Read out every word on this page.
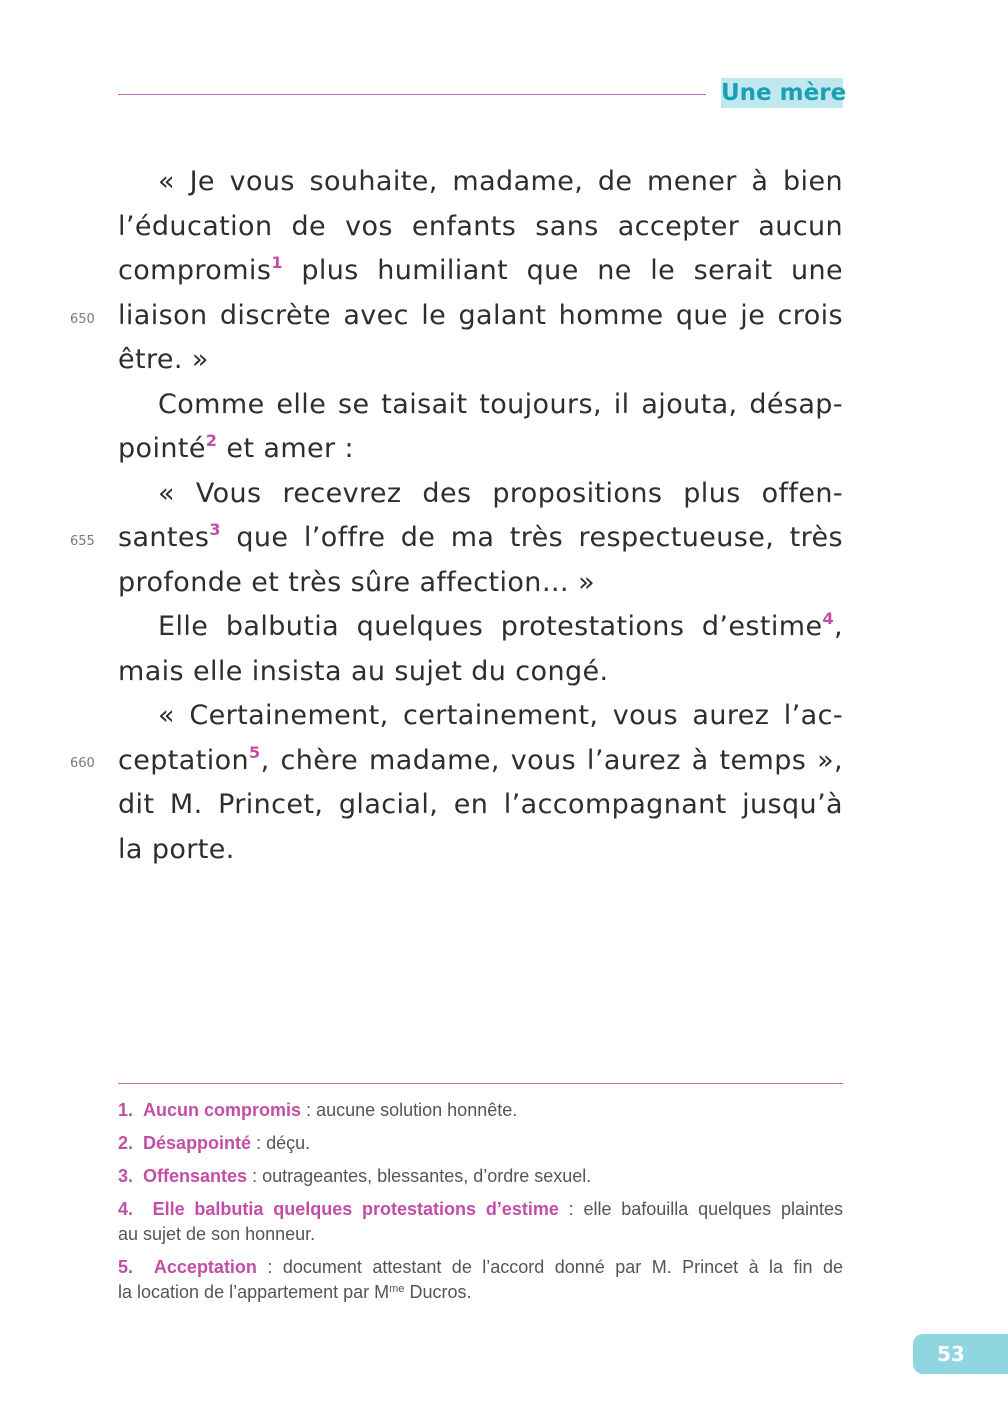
Une mère
« Je vous souhaite, madame, de mener à bien
l’éducation de vos enfants sans accepter aucun
compromis$^1$ plus humiliant que ne le serait une
liaison discrète avec le galant homme que je crois
être. »
Comme elle se taisait toujours, il ajouta, désap-
pointé$^2$ et amer :
« Vous recevrez des propositions plus offen-
santes$^3$ que l’offre de ma très respectueuse, très
profonde et très sûre affection… »
Elle balbutia quelques protestations d’estime$^4$,
mais elle insista au sujet du congé.
« Certainement, certainement, vous aurez l’ac-
ceptation$^5$, chère madame, vous l’aurez à temps »,
dit M. Princet, glacial, en l’accompagnant jusqu’à
la porte.
650
655
660
1. Aucun compromis : aucune solution honnête.
2. Désappointé : déçu.
3. Offensantes : outrageantes, blessantes, d’ordre sexuel.
4. Elle balbutia quelques protestations d’estime : elle bafouilla quelques plaintes
au sujet de son honneur.
5. Acceptation : document attestant de l’accord donné par M. Princet à la fin de
la location de l’appartement par $M^{me}$ Ducros.
53
